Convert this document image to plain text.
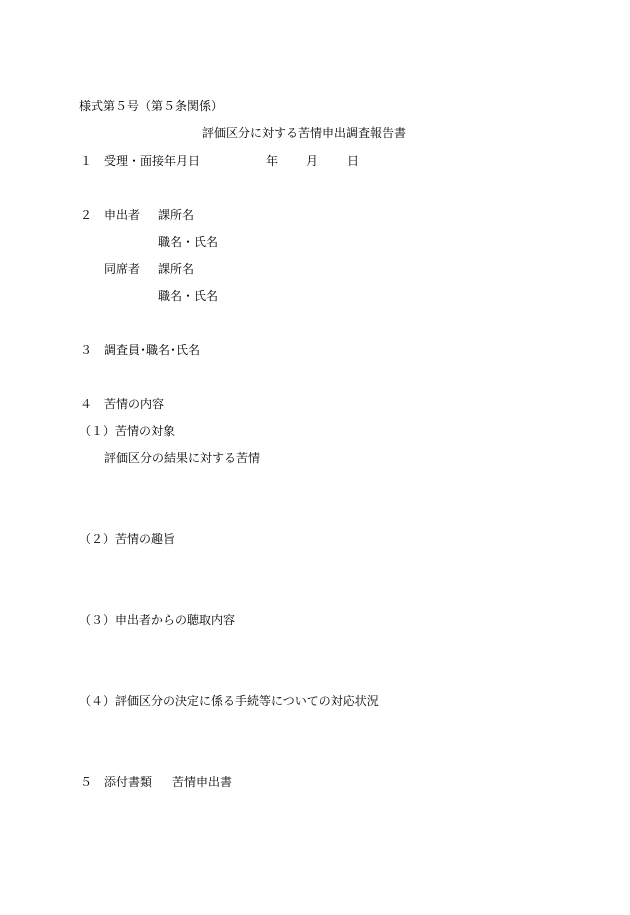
様式第５号（第５条関係）
評価区分に対する苦情申出調査報告書
１ 受理・面接年月日	年 月 日
２ 申出者 課所名
職名・氏名
同席者 課所名
職名・氏名
３ 調査員･職名･氏名
４ 苦情の内容
（１）苦情の対象
評価区分の結果に対する苦情
（２）苦情の趣旨
（３）申出者からの聴取内容
（４）評価区分の決定に係る手続等についての対応状況
５ 添付書類 苦情申出書
